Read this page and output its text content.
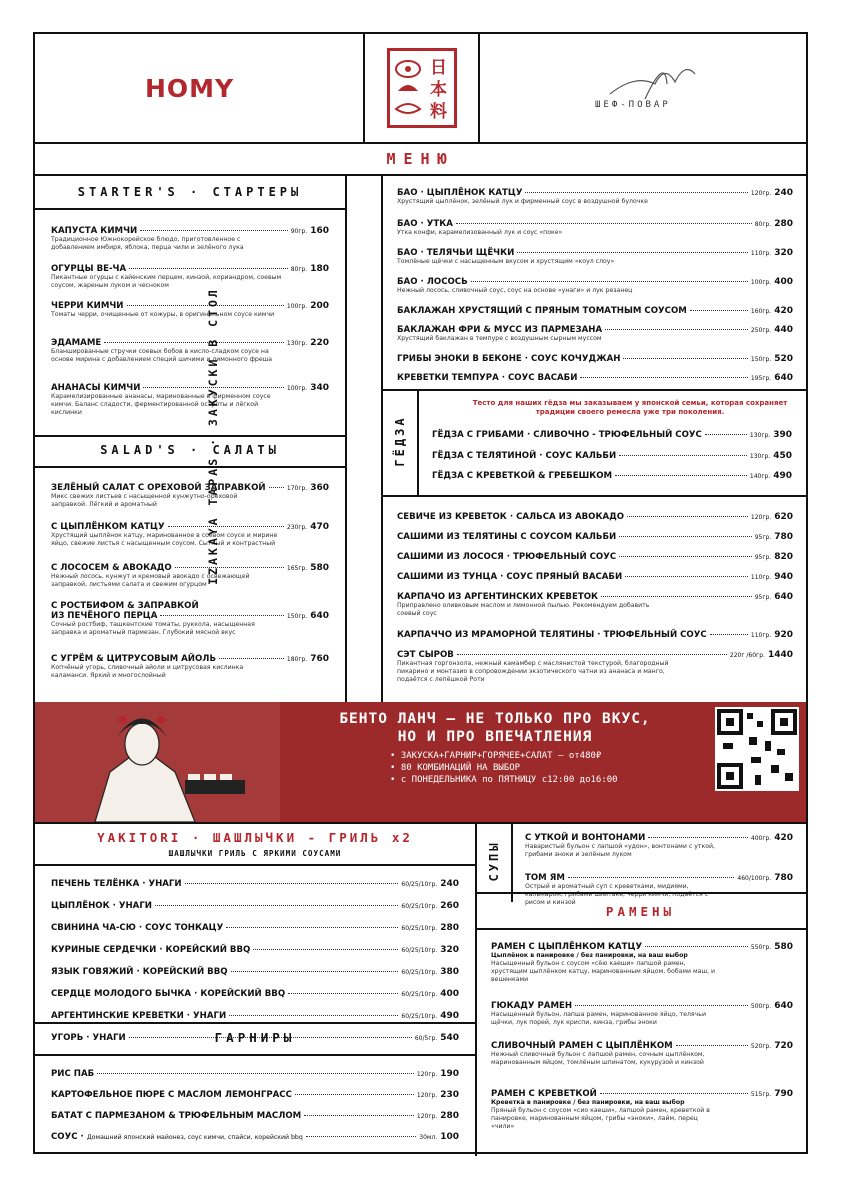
HOMY
日
本
料	ШЕФ-ПОВАР
МЕНЮ
STARTER'S · СТАРТЕРЫ
КАПУСТА КИМЧИ	90гр. 160
Традиционное Южнокорейское блюдо, приготовленное с добавлением имбиря, яблока, перца чили и зелёного лука
ОГУРЦЫ ВЕ-ЧА	80гр. 180
Пикантные огурцы с кайенским перцем, кинзой, кориандром, соевым соусом, жареным луком и чесноком
ЧЕРРИ КИМЧИ	100гр. 200
Томаты черри, очищенные от кожуры, в оригинальном соусе кимчи
ЭДАМАМЕ	130гр. 220
Бланшированные стручки соевых бобов в кисло-сладком соусе на основе мирина с добавлением специй шичими и лимонного фреша
АНАНАСЫ КИМЧИ	100гр. 340
Карамелизированные ананасы, маринованные в фирменном соусе кимчи. Баланс сладости, ферментированной остроты и лёгкой кислинки
SALAD'S · САЛАТЫ
ЗЕЛЁНЫЙ САЛАТ С ОРЕХОВОЙ ЗАПРАВКОЙ	170гр. 360
Микс свежих листьев с насыщенной кунжутно-ореховой заправкой. Лёгкий и ароматный
С ЦЫПЛЁНКОМ КАТЦУ	230гр. 470
Хрустящий цыплёнок катцу, маринованное в соевом соусе и мирине яйцо, свежие листья с насыщенным соусом. Сытный и контрастный
С ЛОСОСЕМ & АВОКАДО	165гр. 580
Нежный лосось, кунжут и кремовый авокадо с освежающей заправкой, листьями салата и свежим огурцом
С РОСТБИФОМ & ЗАПРАВКОЙ
ИЗ ПЕЧЁНОГО ПЕРЦА	150гр. 640
Сочный ростбиф, ташкентские томаты, руккола, насыщенная заправка и ароматный пармезан. Глубокий мясной вкус
С УГРЁМ & ЦИТРУСОВЫМ АЙОЛЬ	180гр. 760
Копчёный угорь, сливочный айоли и цитрусовая кислинка каламанси. Яркий и многослойный
IZAKAYA TAPAS · ЗАКУСКИ В СТОЛ
БАО · ЦЫПЛЁНОК КАТЦУ	120гр. 240
Хрустящий цыплёнок, зелёный лук и фирменный соус в воздушной булочке
БАО · УТКА	80гр. 280
Утка конфи, карамелизованный лук и соус «поке»
БАО · ТЕЛЯЧЬИ ЩЁЧКИ	110гр. 320
Томлёные щёчки с насыщенным вкусом и хрустящим «коул слоу»
БАО · ЛОСОСЬ	100гр. 400
Нежный лосось, сливочный соус, соус на основе «унаги» и лук резанец
БАКЛАЖАН ХРУСТЯЩИЙ С ПРЯНЫМ ТОМАТНЫМ СОУСОМ	160гр. 420
БАКЛАЖАН ФРИ & МУСС ИЗ ПАРМЕЗАНА	250гр. 440
Хрустящий баклажан в темпуре с воздушным сырным муссом
ГРИБЫ ЭНОКИ В БЕКОНЕ · СОУС КОЧУДЖАН	150гр. 520
КРЕВЕТКИ ТЕМПУРА · СОУС ВАСАБИ	195гр. 640
ГЁДЗА
Тесто для наших гёдза мы заказываем у японской семьи, которая сохраняет традиции своего ремесла уже три поколения.
ГЁДЗА С ГРИБАМИ · СЛИВОЧНО - ТРЮФЕЛЬНЫЙ СОУС	130гр. 390
ГЁДЗА С ТЕЛЯТИНОЙ · СОУС КАЛЬБИ	130гр. 450
ГЁДЗА С КРЕВЕТКОЙ & ГРЕБЕШКОМ	140гр. 490
СЕВИЧЕ ИЗ КРЕВЕТОК · САЛЬСА ИЗ АВОКАДО	120гр. 620
САШИМИ ИЗ ТЕЛЯТИНЫ С СОУСОМ КАЛЬБИ	95гр. 780
САШИМИ ИЗ ЛОСОСЯ · ТРЮФЕЛЬНЫЙ СОУС	95гр. 820
САШИМИ ИЗ ТУНЦА · СОУС ПРЯНЫЙ ВАСАБИ	110гр. 940
КАРПАЧО ИЗ АРГЕНТИНСКИХ КРЕВЕТОК	95гр. 640
Приправлено оливковым маслом и лимонной пылью. Рекомендуем добавить соевый соус
КАРПАЧЧО ИЗ МРАМОРНОЙ ТЕЛЯТИНЫ · ТРЮФЕЛЬНЫЙ СОУС	110гр. 920
СЭТ СЫРОВ	220г /60гр. 1440
Пикантная горгонзола, нежный камамбер с маслянистой текстурой, благородный пикарино и монтазио в сопровождении экзотического чатни из ананаса и манго, подаётся с лепёшкой Роти
БЕНТО ЛАНЧ — НЕ ТОЛЬКО ПРО ВКУС,
НО И ПРО ВПЕЧАТЛЕНИЯ
• ЗАКУСКА+ГАРНИР+ГОРЯЧЕЕ+САЛАТ — от480₽
• 80 КОМБИНАЦИЙ НА ВЫБОР
• с ПОНЕДЕЛЬНИКА по ПЯТНИЦУ с12:00 до16:00
YAKITORI · ШАШЛЫЧКИ - ГРИЛЬ x2
ШАШЛЫЧКИ ГРИЛЬ С ЯРКИМИ СОУСАМИ
ПЕЧЕНЬ ТЕЛЁНКА · УНАГИ	60/25/10гр. 240
ЦЫПЛЁНОК · УНАГИ	60/25/10гр. 260
СВИНИНА ЧА-СЮ · СОУС ТОНКАЦУ	60/25/10гр. 280
КУРИНЫЕ СЕРДЕЧКИ · КОРЕЙСКИЙ BBQ	60/25/10гр. 320
ЯЗЫК ГОВЯЖИЙ · КОРЕЙСКИЙ BBQ	60/25/10гр. 380
СЕРДЦЕ МОЛОДОГО БЫЧКА · КОРЕЙСКИЙ BBQ	60/25/10гр. 400
АРГЕНТИНСКИЕ КРЕВЕТКИ · УНАГИ	60/25/10гр. 490
УГОРЬ · УНАГИ	60/5гр. 540
ГАРНИРЫ
РИС ПАБ	120гр. 190
КАРТОФЕЛЬНОЕ ПЮРЕ С МАСЛОМ ЛЕМОНГРАСС	120гр. 230
БАТАТ С ПАРМЕЗАНОМ & ТРЮФЕЛЬНЫМ МАСЛОМ	120гр. 280
СОУС · Домашний японский майонез, соус кимчи, спайси, корейский bbq	30мл. 100
СУПЫ
С УТКОЙ И ВОНТОНАМИ	400гр. 420
Наваристый бульон с лапшой «удон», вонтонами с уткой, грибами эноки и зелёным луком
ТОМ ЯМ	460/100гр. 780
Острый и ароматный суп с креветками, мидиями, кальмаром, грибами шиитаке, черри кимчи, подаётся с рисом и кинзой
РАМЕНЫ
РАМЕН С ЦЫПЛЁНКОМ КАТЦУ	550гр. 580
Цыплёнок в панировке / без панировки, на ваш выбор
Насыщенный бульон с соусом «сёю каеши» лапшой рамен, хрустящим цыплёнком катцу, маринованным яйцом, бобами маш, и вешенками
ГЮКАДУ РАМЕН	500гр. 640
Насыщенный бульон, лапша рамен, маринованное яйцо, телячьи щёчки, лук порей, лук криспи, кинза, грибы эноки
СЛИВОЧНЫЙ РАМЕН С ЦЫПЛЁНКОМ	520гр. 720
Нежный сливочный бульон с лапшой рамен, сочным цыплёнком, маринованным яйцом, томлёным шпинатом, кукурузой и кинзой
РАМЕН С КРЕВЕТКОЙ	515гр. 790
Креветка в панировке / без панировки, на ваш выбор
Пряный бульон с соусом «сио каеши», лапшой рамен, креветкой в панировке, маринованным яйцом, грибы «эноки», лайм, перец «чили»
